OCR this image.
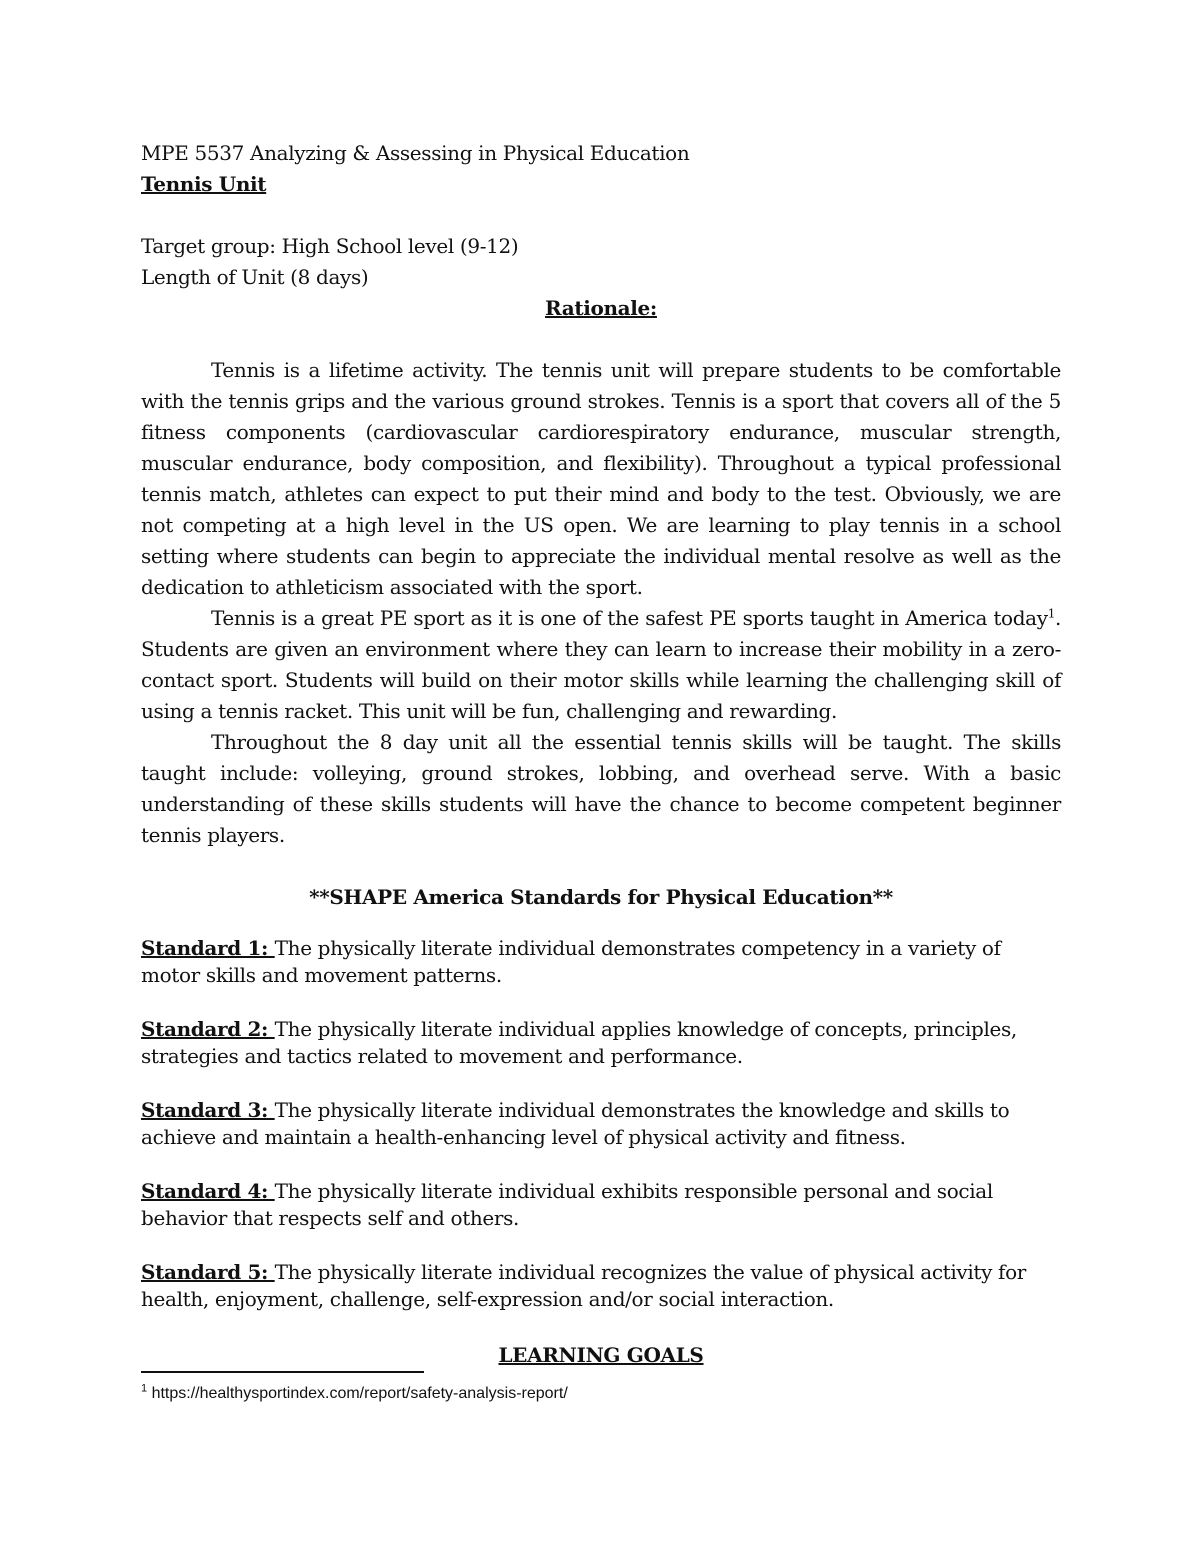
MPE 5537 Analyzing & Assessing in Physical Education

Tennis Unit

Target group: High School level (9-12)

Length of Unit (8 days)

Rationale:

Tennis is a lifetime activity. The tennis unit will prepare students to be comfortable with the tennis grips and the various ground strokes. Tennis is a sport that covers all of the 5 fitness components (cardiovascular cardiorespiratory endurance, muscular strength, muscular endurance, body composition, and flexibility). Throughout a typical professional tennis match, athletes can expect to put their mind and body to the test. Obviously, we are not competing at a high level in the US open. We are learning to play tennis in a school setting where students can begin to appreciate the individual mental resolve as well as the dedication to athleticism associated with the sport.

Tennis is a great PE sport as it is one of the safest PE sports taught in America today$^1$. Students are given an environment where they can learn to increase their mobility in a zero-contact sport. Students will build on their motor skills while learning the challenging skill of using a tennis racket. This unit will be fun, challenging and rewarding.

Throughout the 8 day unit all the essential tennis skills will be taught. The skills taught include: volleying, ground strokes, lobbing, and overhead serve. With a basic understanding of these skills students will have the chance to become competent beginner tennis players.

**SHAPE America Standards for Physical Education**

Standard 1: The physically literate individual demonstrates competency in a variety of motor skills and movement patterns.

Standard 2: The physically literate individual applies knowledge of concepts, principles, strategies and tactics related to movement and performance.

Standard 3: The physically literate individual demonstrates the knowledge and skills to achieve and maintain a health-enhancing level of physical activity and fitness.

Standard 4: The physically literate individual exhibits responsible personal and social behavior that respects self and others.

Standard 5: The physically literate individual recognizes the value of physical activity for health, enjoyment, challenge, self-expression and/or social interaction.

LEARNING GOALS

$^1$ https://healthysportindex.com/report/safety-analysis-report/
